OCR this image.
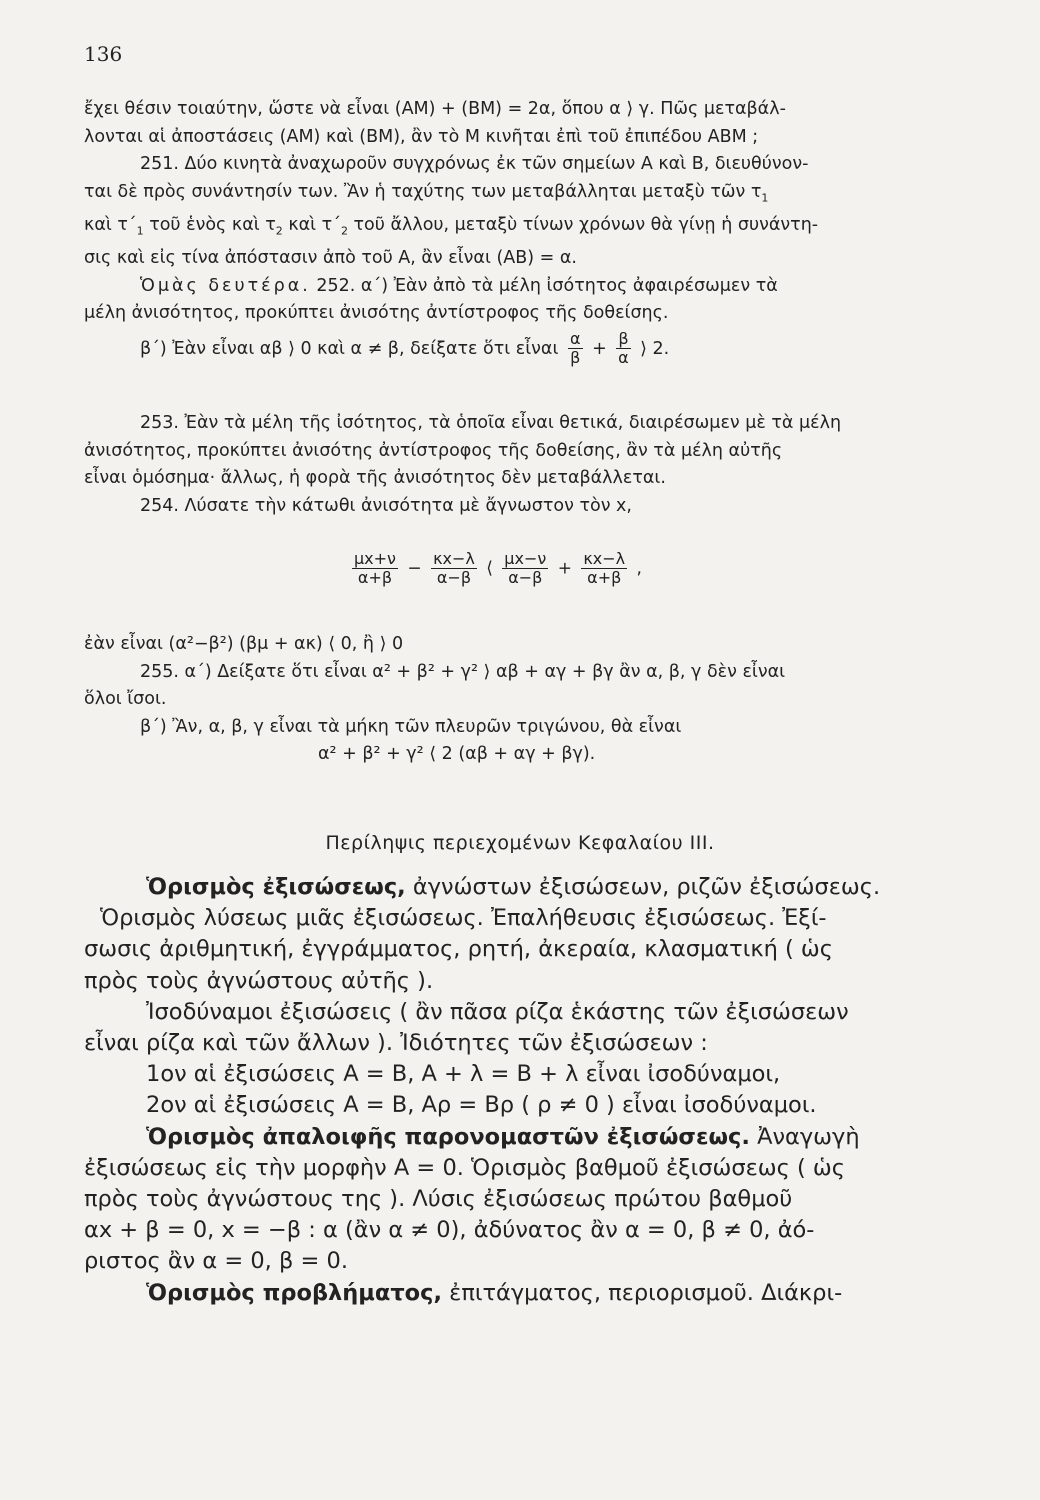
136
ἔχει θέσιν τοιαύτην, ὥστε νὰ εἶναι (ΑΜ) + (ΒΜ) = 2α, ὅπου α ⟩ γ. Πῶς μεταβάλ-
λονται αἱ ἀποστάσεις (ΑΜ) καὶ (ΒΜ), ἂν τὸ Μ κινῆται ἐπὶ τοῦ ἐπιπέδου ΑΒΜ ;
251. Δύο κινητὰ ἀναχωροῦν συγχρόνως ἐκ τῶν σημείων Α καὶ Β, διευθύνον-
ται δὲ πρὸς συνάντησίν των. Ἂν ἡ ταχύτης των μεταβάλληται μεταξὺ τῶν $\tau_1$
καὶ $\tau΄_1$ τοῦ ἑνὸς καὶ $\tau_2$ καὶ $\tau΄_2$ τοῦ ἄλλου, μεταξὺ τίνων χρόνων θὰ γίνῃ ἡ συνάντη-
σις καὶ εἰς τίνα ἀπόστασιν ἀπὸ τοῦ Α, ἂν εἶναι (ΑΒ) = α.
Ὁμὰς δευτέρα. 252. α΄) Ἐὰν ἀπὸ τὰ μέλη ἰσότητος ἀφαιρέσωμεν τὰ
μέλη ἀνισότητος, προκύπτει ἀνισότης ἀντίστροφος τῆς δοθείσης.
β΄) Ἐὰν εἶναι αβ ⟩ 0 καὶ α ≠ β, δείξατε ὅτι εἶναι $\frac{\alpha}{\beta} + \frac{\beta}{\alpha}$ ⟩ 2.
253. Ἐὰν τὰ μέλη τῆς ἰσότητος, τὰ ὁποῖα εἶναι θετικά, διαιρέσωμεν μὲ τὰ μέλη
ἀνισότητος, προκύπτει ἀνισότης ἀντίστροφος τῆς δοθείσης, ἂν τὰ μέλη αὐτῆς
εἶναι ὁμόσημα· ἄλλως, ἡ φορὰ τῆς ἀνισότητος δὲν μεταβάλλεται.
254. Λύσατε τὴν κάτωθι ἀνισότητα μὲ ἄγνωστον τὸν x,
$\frac{\mu x+\nu}{\alpha+\beta} - \frac{\kappa x-\lambda}{\alpha-\beta}$ ⟨ $\frac{\mu x-\nu}{\alpha-\beta} + \frac{\kappa x-\lambda}{\alpha+\beta}$ ,
ἐὰν εἶναι (α²−β²) (βμ + ακ) ⟨ 0, ἢ ⟩ 0
255. α΄) Δείξατε ὅτι εἶναι α² + β² + γ² ⟩ αβ + αγ + βγ ἂν α, β, γ δὲν εἶναι
ὅλοι ἴσοι.
β΄) Ἂν, α, β, γ εἶναι τὰ μήκη τῶν πλευρῶν τριγώνου, θὰ εἶναι
α² + β² + γ² ⟨ 2 (αβ + αγ + βγ).
Περίληψις περιεχομένων Κεφαλαίου III.
Ὁρισμὸς ἐξισώσεως, ἀγνώστων ἐξισώσεων, ριζῶν ἐξισώσεως.
Ὁρισμὸς λύσεως μιᾶς ἐξισώσεως. Ἐπαλήθευσις ἐξισώσεως. Ἐξί-
σωσις ἀριθμητική, ἐγγράμματος, ρητή, ἀκεραία, κλασματική ( ὡς
πρὸς τοὺς ἀγνώστους αὐτῆς ).
Ἰσοδύναμοι ἐξισώσεις ( ἂν πᾶσα ρίζα ἑκάστης τῶν ἐξισώσεων
εἶναι ρίζα καὶ τῶν ἄλλων ). Ἰδιότητες τῶν ἐξισώσεων :
1ον αἱ ἐξισώσεις Α = Β, Α + λ = Β + λ εἶναι ἰσοδύναμοι,
2ον αἱ ἐξισώσεις Α = Β, Αρ = Βρ ( ρ ≠ 0 ) εἶναι ἰσοδύναμοι.
Ὁρισμὸς ἀπαλοιφῆς παρονομαστῶν ἐξισώσεως. Ἀναγωγὴ
ἐξισώσεως εἰς τὴν μορφὴν Α = 0. Ὁρισμὸς βαθμοῦ ἐξισώσεως ( ὡς
πρὸς τοὺς ἀγνώστους της ). Λύσις ἐξισώσεως πρώτου βαθμοῦ
αx + β = 0, x = −β : α (ἂν α ≠ 0), ἀδύνατος ἂν α = 0, β ≠ 0, ἀό-
ριστος ἂν α = 0, β = 0.
Ὁρισμὸς προβλήματος, ἐπιτάγματος, περιορισμοῦ. Διάκρι-
